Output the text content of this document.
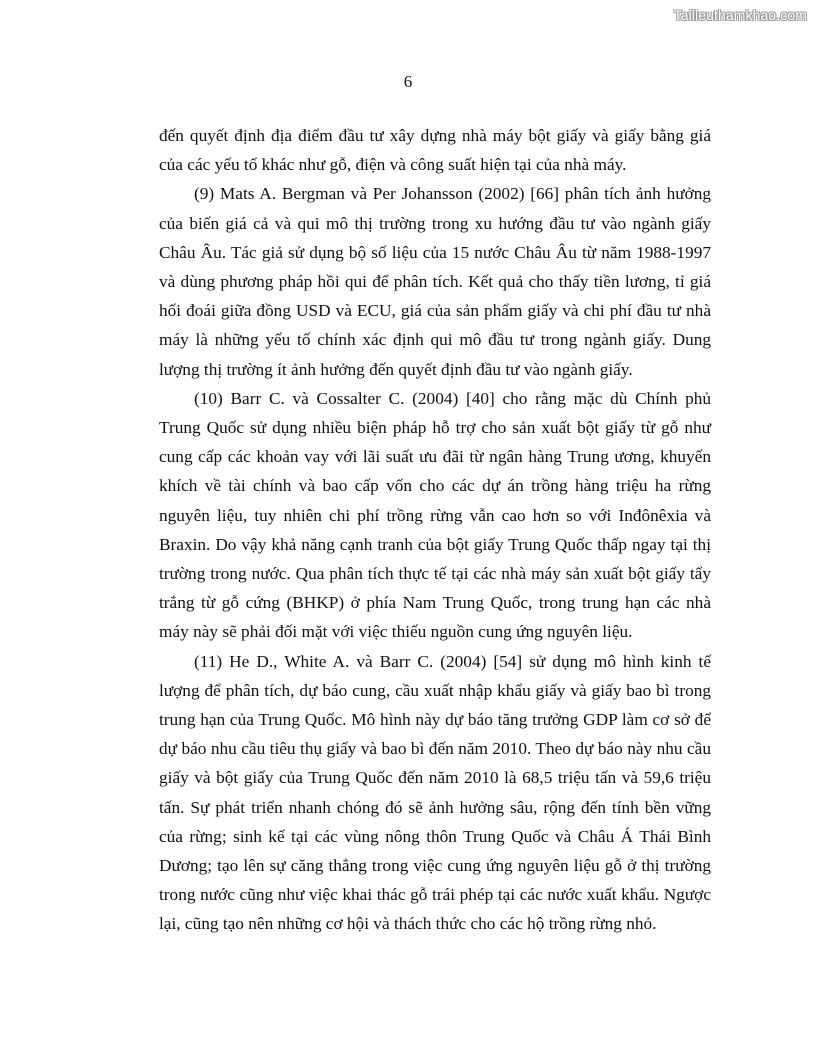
Tailieuthamkhao.com
6

đến quyết định địa điểm đầu tư xây dựng nhà máy bột giấy và giấy bằng giá của các yếu tố khác như gỗ, điện và công suất hiện tại của nhà máy.

(9) Mats A. Bergman và Per Johansson (2002) [66] phân tích ảnh hưởng của biến giá cả và qui mô thị trường trong xu hướng đầu tư vào ngành giấy Châu Âu. Tác giả sử dụng bộ số liệu của 15 nước Châu Âu từ năm 1988-1997 và dùng phương pháp hồi qui để phân tích. Kết quả cho thấy tiền lương, tỉ giá hối đoái giữa đồng USD và ECU, giá của sản phẩm giấy và chi phí đầu tư nhà máy là những yếu tố chính xác định qui mô đầu tư trong ngành giấy. Dung lượng thị trường ít ảnh hưởng đến quyết định đầu tư vào ngành giấy.

(10) Barr C. và Cossalter C. (2004) [40] cho rằng mặc dù Chính phủ Trung Quốc sử dụng nhiều biện pháp hỗ trợ cho sản xuất bột giấy từ gỗ như cung cấp các khoản vay với lãi suất ưu đãi từ ngân hàng Trung ương, khuyến khích về tài chính và bao cấp vốn cho các dự án trồng hàng triệu ha rừng nguyên liệu, tuy nhiên chi phí trồng rừng vẫn cao hơn so với Inđônêxia và Braxin. Do vậy khả năng cạnh tranh của bột giấy Trung Quốc thấp ngay tại thị trường trong nước. Qua phân tích thực tế tại các nhà máy sản xuất bột giấy tẩy trắng từ gỗ cứng (BHKP) ở phía Nam Trung Quốc, trong trung hạn các nhà máy này sẽ phải đối mặt với việc thiếu nguồn cung ứng nguyên liệu.

(11) He D., White A. và Barr C. (2004) [54] sử dụng mô hình kinh tế lượng để phân tích, dự báo cung, cầu xuất nhập khẩu giấy và giấy bao bì trong trung hạn của Trung Quốc. Mô hình này dự báo tăng trưởng GDP làm cơ sở để dự báo nhu cầu tiêu thụ giấy và bao bì đến năm 2010. Theo dự báo này nhu cầu giấy và bột giấy của Trung Quốc đến năm 2010 là 68,5 triệu tấn và 59,6 triệu tấn. Sự phát triển nhanh chóng đó sẽ ảnh hưởng sâu, rộng đến tính bền vững của rừng; sinh kế tại các vùng nông thôn Trung Quốc và Châu Á Thái Bình Dương; tạo lên sự căng thẳng trong việc cung ứng nguyên liệu gỗ ở thị trường trong nước cũng như việc khai thác gỗ trái phép tại các nước xuất khẩu. Ngược lại, cũng tạo nên những cơ hội và thách thức cho các hộ trồng rừng nhỏ.
